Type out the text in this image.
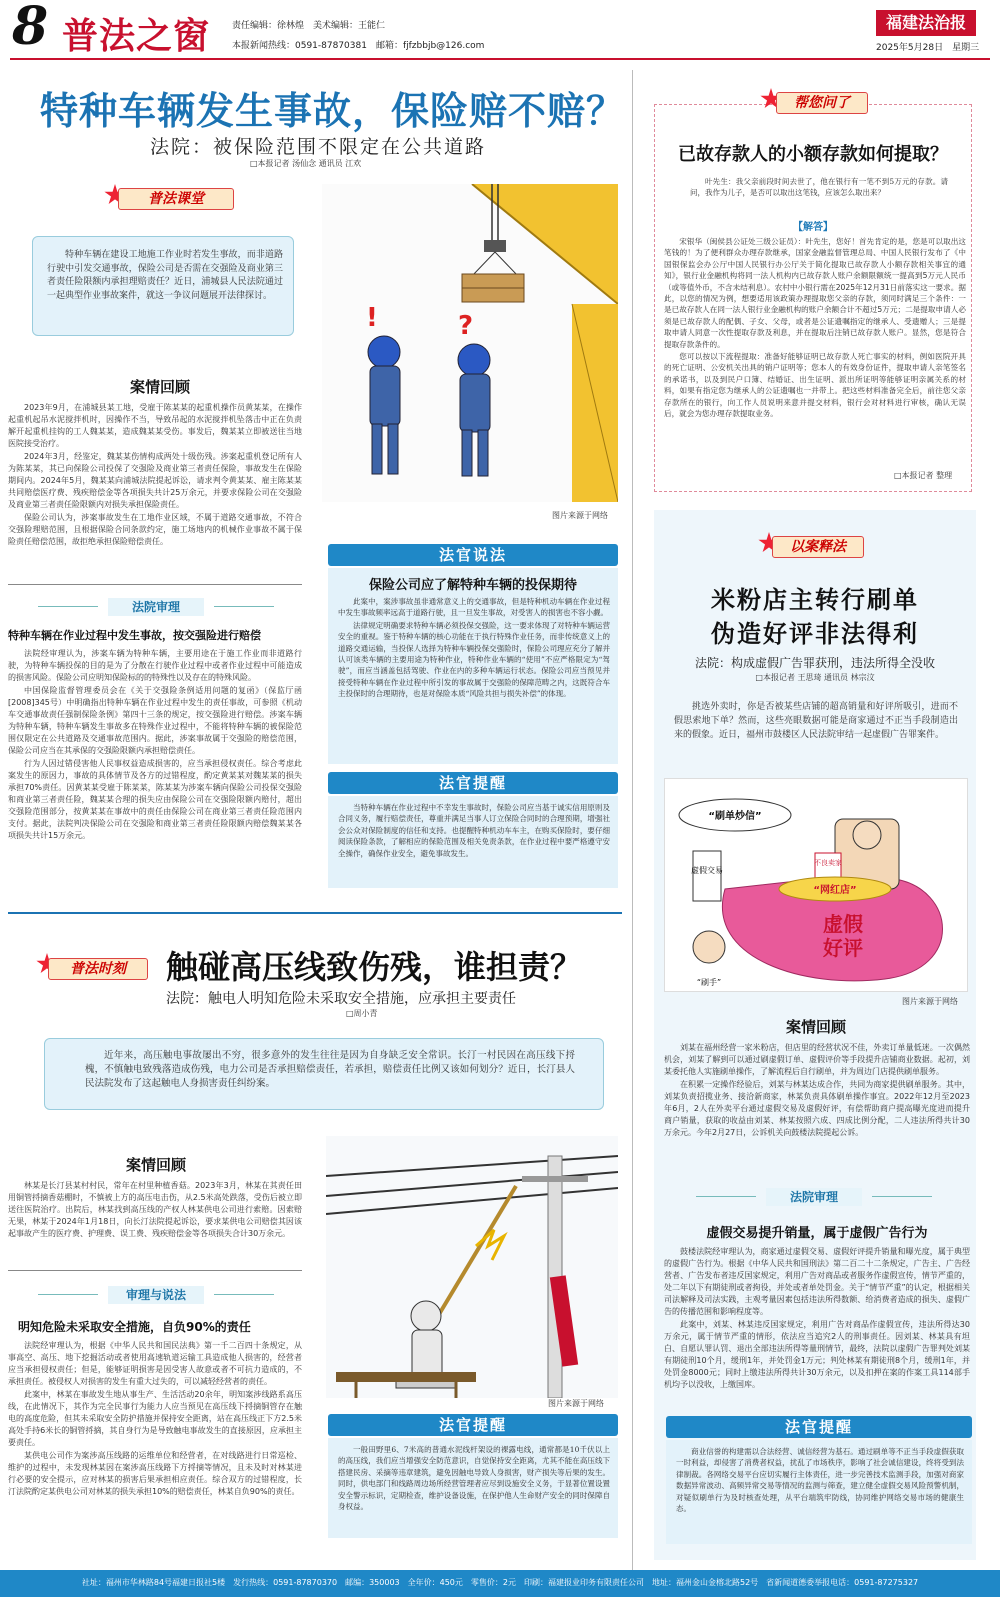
8 普法之窗 责任编辑：徐林煌　美术编辑：王能仁
本报新闻热线：0591-87870381　邮箱：fjfzbbjb@126.com
福建法治报
2025年5月28日　星期三
特种车辆发生事故，保险赔不赔？
法院：被保险范围不限定在公共道路
□本报记者 汤仙念 通讯员 江欢
普法课堂
特种车辆在建设工地施工作业时若发生事故，而非道路行驶中引发交通事故，保险公司是否需在交强险及商业第三者责任险限额内承担理赔责任？近日，浦城县人民法院通过一起典型作业事故案件，就这一争议问题展开法律探讨。
案情回顾

2023年9月，在浦城县某工地，受雇于陈某某的起重机操作员黄某某，在操作起重机起吊水泥搅拌机时，因操作不当，导致吊起的水泥搅拌机坠落击中正在负责解开起重机挂钩的工人魏某某，造成魏某某受伤。事发后，魏某某立即被送往当地医院接受治疗。

2024年3月，经鉴定，魏某某伤情构成两处十级伤残。涉案起重机登记所有人为陈某某，其已向保险公司投保了交强险及商业第三者责任保险，事故发生在保险期间内。2024年5月，魏某某向浦城法院提起诉讼，请求判令黄某某、雇主陈某某共同赔偿医疗费、残疾赔偿金等各项损失共计25万余元，并要求保险公司在交强险及商业第三者责任险限额内对损失承担保险责任。

保险公司认为，涉案事故发生在工地作业区域，不属于道路交通事故，不符合交强险理赔范围，且根据保险合同条款约定，施工场地内的机械作业事故不属于保险责任赔偿范围，故拒绝承担保险赔偿责任。

法院审理
特种车辆在作业过程中发生事故，按交强险进行赔偿

法院经审理认为，涉案车辆为特种车辆，主要用途在于施工作业而非道路行驶，为特种车辆投保的目的是为了分散在行驶作业过程中或者作业过程中可能造成的损害风险。保险公司应明知保险标的的特殊性以及存在的特殊风险。

中国保险监督管理委员会在《关于交强险条例适用问题的复函》（保监厅函[2008]345号）中明确指出特种车辆在作业过程中发生的责任事故，可参照《机动车交通事故责任强制保险条例》第四十三条的规定，按交强险进行赔偿。涉案车辆为特种车辆，特种车辆发生事故多在特殊作业过程中，不能将特种车辆的被保险范围仅限定在公共道路及交通事故范围内。据此，涉案事故属于交强险的赔偿范围，保险公司应当在其承保的交强险限额内承担赔偿责任。

行为人因过错侵害他人民事权益造成损害的，应当承担侵权责任。综合考虑此案发生的原因力，事故的具体情节及各方的过错程度，酌定黄某某对魏某某的损失承担70%责任。因黄某某受雇于陈某某，陈某某为涉案车辆向保险公司投保交强险和商业第三者责任险，魏某某合理的损失应由保险公司在交强险限额内赔付，超出交强险范围部分，按黄某某在事故中的责任由保险公司在商业第三者责任险范围内支付。据此，法院判决保险公司在交强险和商业第三者责任险限额内赔偿魏某某各项损失共计15万余元。

!	?
图片来源于网络
法官说法
保险公司应了解特种车辆的投保期待

此案中，案涉事故虽非通常意义上的交通事故，但是特种机动车辆在作业过程中发生事故频率远高于道路行驶，且一旦发生事故，对受害人的损害也不容小觑。

法律规定明确要求特种车辆必须投保交强险，这一要求体现了对特种车辆运营安全的重视。鉴于特种车辆的核心功能在于执行特殊作业任务，而非传统意义上的道路交通运输，当投保人选择为特种车辆投保交强险时，保险公司理应充分了解并认可该类车辆的主要用途为特种作业，特种作业车辆的“使用”不应严格限定为“驾驶”，而应当涵盖包括驾驶、作业在内的多种车辆运行状态。保险公司应当预见并接受特种车辆在作业过程中所引发的事故属于交强险的保障范畴之内，这既符合车主投保时的合理期待，也是对保险本质“风险共担与损失补偿”的体现。

法官提醒
当特种车辆在作业过程中不幸发生事故时，保险公司应当基于诚实信用原则及合同义务，履行赔偿责任，尊重并满足当事人订立保险合同时的合理预期，增强社会公众对保险制度的信任和支持。也提醒特种机动车车主，在购买保险时，要仔细阅读保险条款，了解相应的保险范围及相关免责条款，在作业过程中要严格遵守安全操作，确保作业安全，避免事故发生。
普法时刻	触碰高压线致伤残，谁担责？
法院：触电人明知危险未采取安全措施，应承担主要责任
□周小青
近年来，高压触电事故屡出不穷，很多意外的发生往往是因为自身缺乏安全常识。长汀一村民因在高压线下捋槐，不慎触电致残落造成伤残，电力公司是否承担赔偿责任，若承担，赔偿责任比例又该如何划分？近日，长汀县人民法院发布了这起触电人身损害责任纠纷案。
案情回顾

林某是长汀县某村村民，常年在村里种植香菇。2023年3月，林某在其责任田用铜管捋摘香菇棚时，不慎被上方的高压电击伤，从2.5米高处跌落，受伤后被立即送往医院治疗。出院后，林某找到高压线的产权人林某供电公司进行索赔。因索赔无果，林某于2024年1月18日，向长汀法院提起诉讼，要求某供电公司赔偿其因该起事故产生的医疗费、护理费、误工费、残疾赔偿金等各项损失合计30万余元。

审理与说法
明知危险未采取安全措施，自负90%的责任

法院经审理认为，根据《中华人民共和国民法典》第一千二百四十条规定，从事高空、高压、地下挖掘活动或者使用高速轨道运输工具造成他人损害的，经营者应当承担侵权责任；但是，能够证明损害是因受害人故意或者不可抗力造成的，不承担责任。被侵权人对损害的发生有重大过失的，可以减轻经营者的责任。

此案中，林某在事故发生地从事生产、生活活动20余年，明知案涉线路系高压线，在此情况下，其作为完全民事行为能力人应当预见在高压线下捋摘铜管存在触电的高度危险，但其未采取安全防护措施并保持安全距离，站在高压线正下方2.5米高处手持6米长的铜管捋摘，其自身行为是导致触电事故发生的直接原因，应承担主要责任。

某供电公司作为案涉高压线路的运维单位和经营者，在对线路进行日常巡检、维护的过程中，未发现林某因在案涉高压线路下方捋摘等情况，且未及时对林某进行必要的安全提示，应对林某的损害后果承担相应责任。综合双方的过错程度，长汀法院酌定某供电公司对林某的损失承担10%的赔偿责任，林某自负90%的责任。

图片来源于网络
法官提醒
一般田野里6、7米高的普通水泥线杆架设的裸露电线，通常都是10千伏以上的高压线，我们应当增强安全防范意识，自觉保持安全距离，尤其不能在高压线下搭建民房、采摘等违章建筑，避免因触电导致人身损害，财产损失等后果的发生。同时，供电部门和线路周边场所经营管理者应尽到设施安全义务，于显著位置设置安全警示标识，定期检查，维护设备设施，在保护他人生命财产安全的同时保障自身权益。
帮您问了
已故存款人的小额存款如何提取？
叶先生：我父亲前段时间去世了，他在银行有一笔不到5万元的存款。请问，我作为儿子，是否可以取出这笔钱，应该怎么取出来？
【解答】

宋银华（闽侯县公证处三级公证员）：叶先生，您好！首先肯定的是，您是可以取出这笔钱的！为了便利群众办理存款继承，国家金融监督管理总局、中国人民银行发布了《中国银保监会办公厅中国人民银行办公厅关于简化提取已故存款人小额存款相关事宜的通知》，银行业金融机构将同一法人机构内已故存款人账户余额限额统一提高到5万元人民币（或等值外币，不含未结利息）。农村中小银行需在2025年12月31日前落实这一要求。据此，以您的情况为例，想要适用该政策办理提取您父亲的存款，须同时满足三个条件：一是已故存款人在同一法人银行业金融机构的账户余额合计不超过5万元；二是提取申请人必须是已故存款人的配偶、子女、父母，或者是公证遗嘱指定的继承人、受遗赠人；三是提取申请人同意一次性提取存款及利息，并在提取后注销已故存款人账户。显然，您是符合提取存款条件的。

您可以按以下流程提取：准备好能够证明已故存款人死亡事实的材料，例如医院开具的死亡证明、公安机关出具的销户证明等；您本人的有效身份证件，提取申请人亲笔签名的承诺书，以及到民户口簿、结婚证、出生证明、派出所证明等能够证明亲属关系的材料，如果有指定您为继承人的公证遗嘱也一并带上。把这些材料准备完全后，前往您父亲存款所在的银行，向工作人员说明来意并提交材料，银行会对材料进行审核，确认无误后，就会为您办理存款提取业务。

□本报记者 整理
以案释法
米粉店主转行刷单
伪造好评非法得利
法院：构成虚假广告罪获刑，违法所得全没收
□本报记者 王思琦 通讯员 林宗汶
挑选外卖时，你是否被某些店铺的超高销量和好评所吸引，进而不假思索地下单？然而，这些亮眼数据可能是商家通过不正当手段制造出来的假象。近日，福州市鼓楼区人民法院审结一起虚假广告罪案件。
“刷单炒信”
不良卖家
“网红店”
虚假
好评
虚假交易
“刷手”
图片来源于网络
案情回顾

刘某在福州经营一家米粉店，但店里的经营状况不佳，外卖订单量低迷。一次偶然机会，刘某了解到可以通过刷虚假订单、虚假评价等手段提升店铺商业数据。起初，刘某委托他人实施刷单操作，了解流程后自行刷单，并为周边门店提供刷单服务。

在积累一定操作经验后，刘某与林某达成合作，共同为商家提供刷单服务。其中，刘某负责招揽业务、接洽新商家，林某负责具体刷单操作事宜。2022年12月至2023年6月，2人在外卖平台通过虚假交易及虚假好评，有偿帮助商户提高曝光度进而提升商户销量，获取的收益由刘某、林某按照六成、四成比例分配，二人违法所得共计30万余元。今年2月27日，公诉机关向鼓楼法院提起公诉。

法院审理
虚假交易提升销量，属于虚假广告行为

鼓楼法院经审理认为，商家通过虚假交易、虚假好评提升销量和曝光度，属于典型的虚假广告行为。根据《中华人民共和国刑法》第二百二十二条规定，广告主、广告经营者、广告发布者违反国家规定，利用广告对商品或者服务作虚假宣传，情节严重的，处二年以下有期徒刑或者拘役，并处或者单处罚金。关于“情节严重”的认定，根据相关司法解释及司法实践，主观考量因素包括违法所得数额、给消费者造成的损失、虚假广告的传播范围和影响程度等。

此案中，刘某、林某违反国家规定，利用广告对商品作虚假宣传，违法所得达30万余元，属于情节严重的情形，依法应当追究2人的刑事责任。因刘某、林某具有坦白、自愿认罪认罚、退出全部违法所得等量刑情节，最终，法院以虚假广告罪判处刘某有期徒刑10个月，缓刑1年，并处罚金1万元；判处林某有期徒刑8个月，缓刑1年，并处罚金8000元；同时上缴违法所得共计30万余元，以及扣押在案的作案工具114部手机均予以没收，上缴国库。

法官提醒
商业信誉的构建需以合法经营、诚信经营为基石。通过刷单等不正当手段虚假获取一时利益，却侵害了消费者权益，扰乱了市场秩序，影响了社会诚信建设，终将受到法律制裁。各网络交易平台应切实履行主体责任，进一步完善技术监测手段，加强对商家数据异常波动、高频异常交易等情况的监测与筛查，建立健全虚假交易风险预警机制，对疑似刷单行为及时核查处理，从平台端筑牢防线，协同维护网络交易市场的健康生态。
社址：福州市华林路84号福建日报社5楼　发行热线：0591-87870370　邮编：350003　全年价：450元　零售价：2元　印刷：福建报业印务有限责任公司　地址：福州金山金榕北路52号　省新闻道德委举报电话：0591-87275327
